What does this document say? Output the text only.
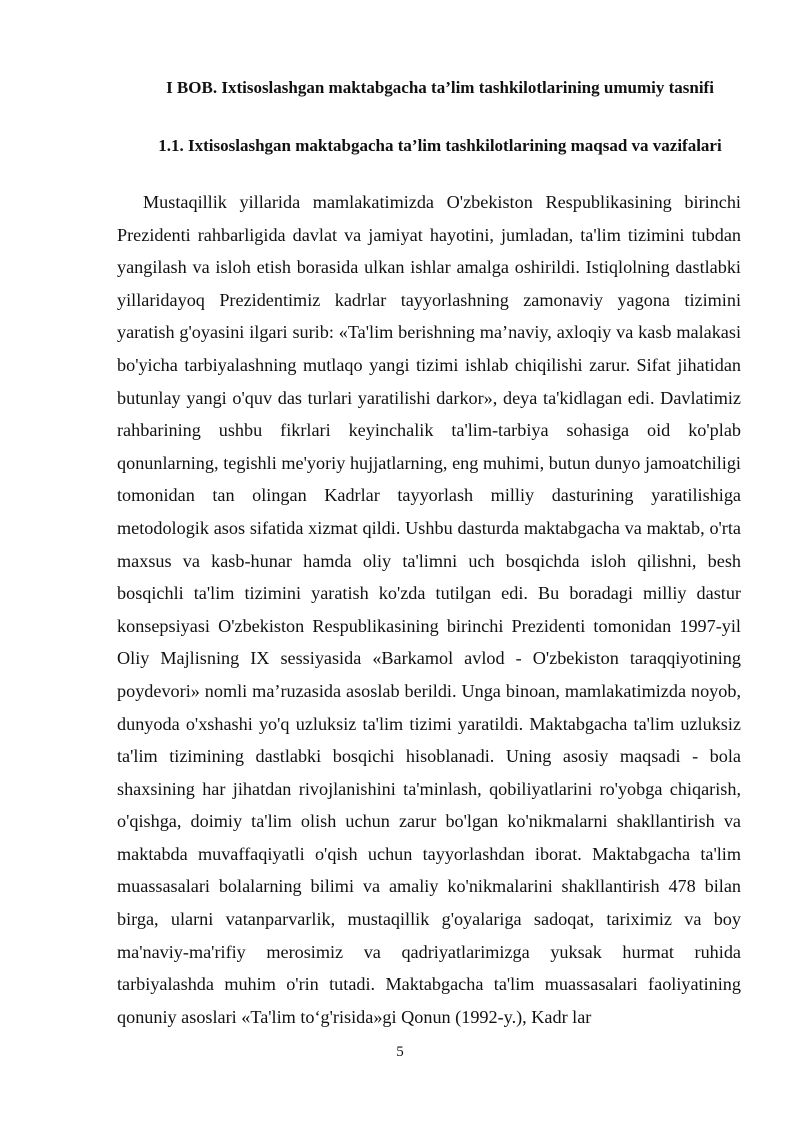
I BOB. Ixtisoslashgan maktabgacha ta’lim tashkilotlarining umumiy tasnifi
1.1. Ixtisoslashgan maktabgacha ta’lim tashkilotlarining maqsad va vazifalari

Mustaqillik yillarida mamlakatimizda O'zbekiston Respublikasining birinchi Prezidenti rahbarligida davlat va jamiyat hayotini, jumladan, ta'lim tizimini tubdan yangilash va isloh etish borasida ulkan ishlar amalga oshirildi. Istiqlolning dastlabki yillaridayoq Prezidentimiz kadrlar tayyorlashning zamonaviy yagona tizimini yaratish g'oyasini ilgari surib: «Ta'lim berishning ma’naviy, axloqiy va kasb malakasi bo'yicha tarbiyalashning mutlaqo yangi tizimi ishlab chiqilishi zarur. Sifat jihatidan butunlay yangi o'quv das turlari yaratilishi darkor», deya ta'kidlagan edi. Davlatimiz rahbarining ushbu fikrlari keyinchalik ta'lim-tarbiya sohasiga oid ko'plab qonunlarning, tegishli me'yoriy hujjatlarning, eng muhimi, butun dunyo jamoatchiligi tomonidan tan olingan Kadrlar tayyorlash milliy dasturining yaratilishiga metodologik asos sifatida xizmat qildi. Ushbu dasturda maktabgacha va maktab, o'rta maxsus va kasb-hunar hamda oliy ta'limni uch bosqichda isloh qilishni, besh bosqichli ta'lim tizimini yaratish ko'zda tutilgan edi. Bu boradagi milliy dastur konsepsiyasi O'zbekiston Respublikasining birinchi Prezidenti tomonidan 1997-yil Oliy Majlisning IX sessiyasida «Barkamol avlod - O'zbekiston taraqqiyotining poydevori» nomli ma’ruzasida asoslab berildi. Unga binoan, mamlakatimizda noyob, dunyoda o'xshashi yo'q uzluksiz ta'lim tizimi yaratildi. Maktabgacha ta'lim uzluksiz ta'lim tizimining dastlabki bosqichi hisoblanadi. Uning asosiy maqsadi - bola shaxsining har jihatdan rivojlanishini ta'minlash, qobiliyatlarini ro'yobga chiqarish, o'qishga, doimiy ta'lim olish uchun zarur bo'lgan ko'nikmalarni shakllantirish va maktabda muvaffaqiyatli o'qish uchun tayyorlashdan iborat. Maktabgacha ta'lim muassasalari bolalarning bilimi va amaliy ko'nikmalarini shakllantirish 478 bilan birga, ularni vatanparvarlik, mustaqillik g'oyalariga sadoqat, tariximiz va boy ma'naviy-ma'rifiy merosimiz va qadriyatlarimizga yuksak hurmat ruhida tarbiyalashda muhim o'rin tutadi. Maktabgacha ta'lim muassasalari faoliyatining qonuniy asoslari «Ta'lim to‘g'risida»gi Qonun (1992-y.), Kadr lar

5
